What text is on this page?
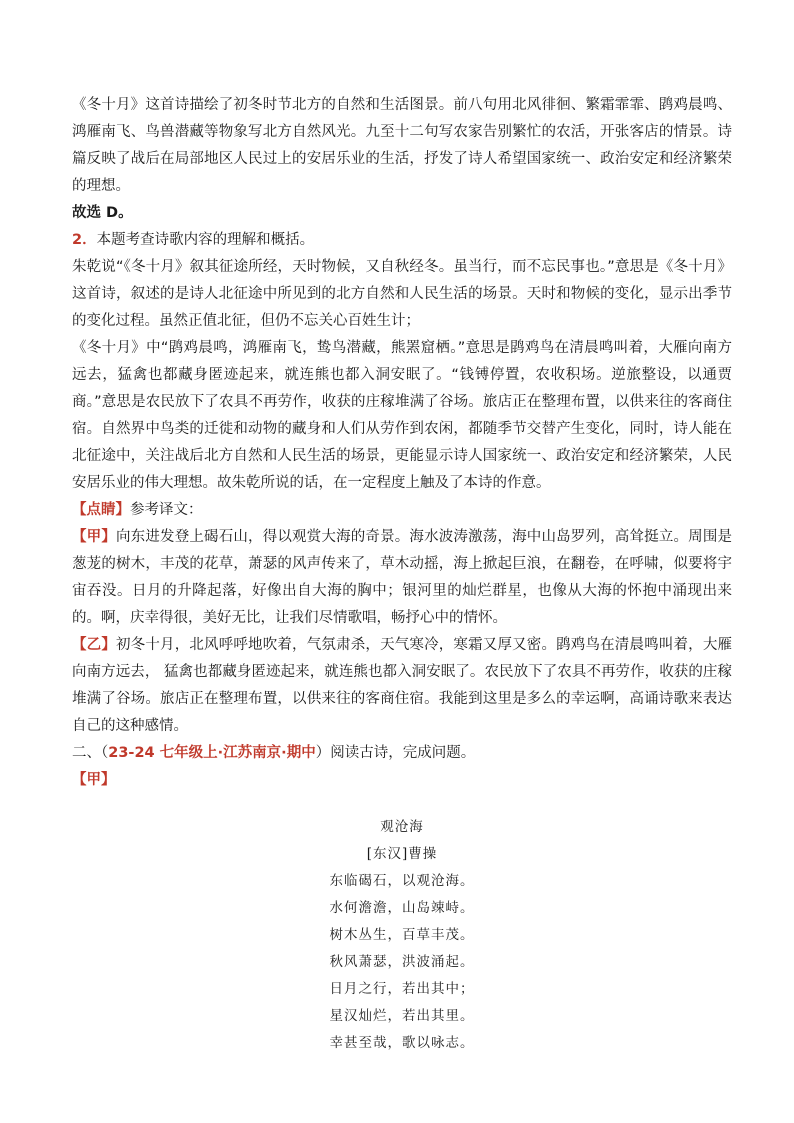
《冬十月》这首诗描绘了初冬时节北方的自然和生活图景。前八句用北风徘徊、繁霜霏霏、鹍鸡晨鸣、鸿雁南飞、鸟兽潜藏等物象写北方自然风光。九至十二句写农家告别繁忙的农活，开张客店的情景。诗篇反映了战后在局部地区人民过上的安居乐业的生活，抒发了诗人希望国家统一、政治安定和经济繁荣的理想。

故选 D。

2．本题考查诗歌内容的理解和概括。

朱乾说“《冬十月》叙其征途所经，天时物候，又自秋经冬。虽当行，而不忘民事也。”意思是《冬十月》这首诗，叙述的是诗人北征途中所见到的北方自然和人民生活的场景。天时和物候的变化，显示出季节的变化过程。虽然正值北征，但仍不忘关心百姓生计；

《冬十月》中“鹍鸡晨鸣，鸿雁南飞，鸷鸟潜藏，熊罴窟栖。”意思是鹍鸡鸟在清晨鸣叫着，大雁向南方远去，猛禽也都藏身匿迹起来，就连熊也都入洞安眠了。“钱镈停置，农收积场。逆旅整设，以通贾商。”意思是农民放下了农具不再劳作，收获的庄稼堆满了谷场。旅店正在整理布置，以供来往的客商住宿。自然界中鸟类的迁徙和动物的藏身和人们从劳作到农闲，都随季节交替产生变化，同时，诗人能在北征途中，关注战后北方自然和人民生活的场景，更能显示诗人国家统一、政治安定和经济繁荣，人民安居乐业的伟大理想。故朱乾所说的话，在一定程度上触及了本诗的作意。

【点睛】参考译文：

【甲】向东进发登上碣石山，得以观赏大海的奇景。海水波涛激荡，海中山岛罗列，高耸挺立。周围是葱茏的树木，丰茂的花草，萧瑟的风声传来了，草木动摇，海上掀起巨浪，在翻卷，在呼啸，似要将宇宙吞没。日月的升降起落，好像出自大海的胸中；银河里的灿烂群星，也像从大海的怀抱中涌现出来的。啊，庆幸得很，美好无比，让我们尽情歌唱，畅抒心中的情怀。

【乙】初冬十月，北风呼呼地吹着，气氛肃杀，天气寒冷，寒霜又厚又密。鹍鸡鸟在清晨鸣叫着，大雁向南方远去， 猛禽也都藏身匿迹起来，就连熊也都入洞安眠了。农民放下了农具不再劳作，收获的庄稼堆满了谷场。旅店正在整理布置，以供来往的客商住宿。我能到这里是多么的幸运啊，高诵诗歌来表达自己的这种感情。

二、（23-24 七年级上·江苏南京·期中）阅读古诗，完成问题。

【甲】

观沧海
[东汉]曹操
东临碣石，以观沧海。
水何澹澹，山岛竦峙。
树木丛生，百草丰茂。
秋风萧瑟，洪波涌起。
日月之行，若出其中；
星汉灿烂，若出其里。
幸甚至哉，歌以咏志。
